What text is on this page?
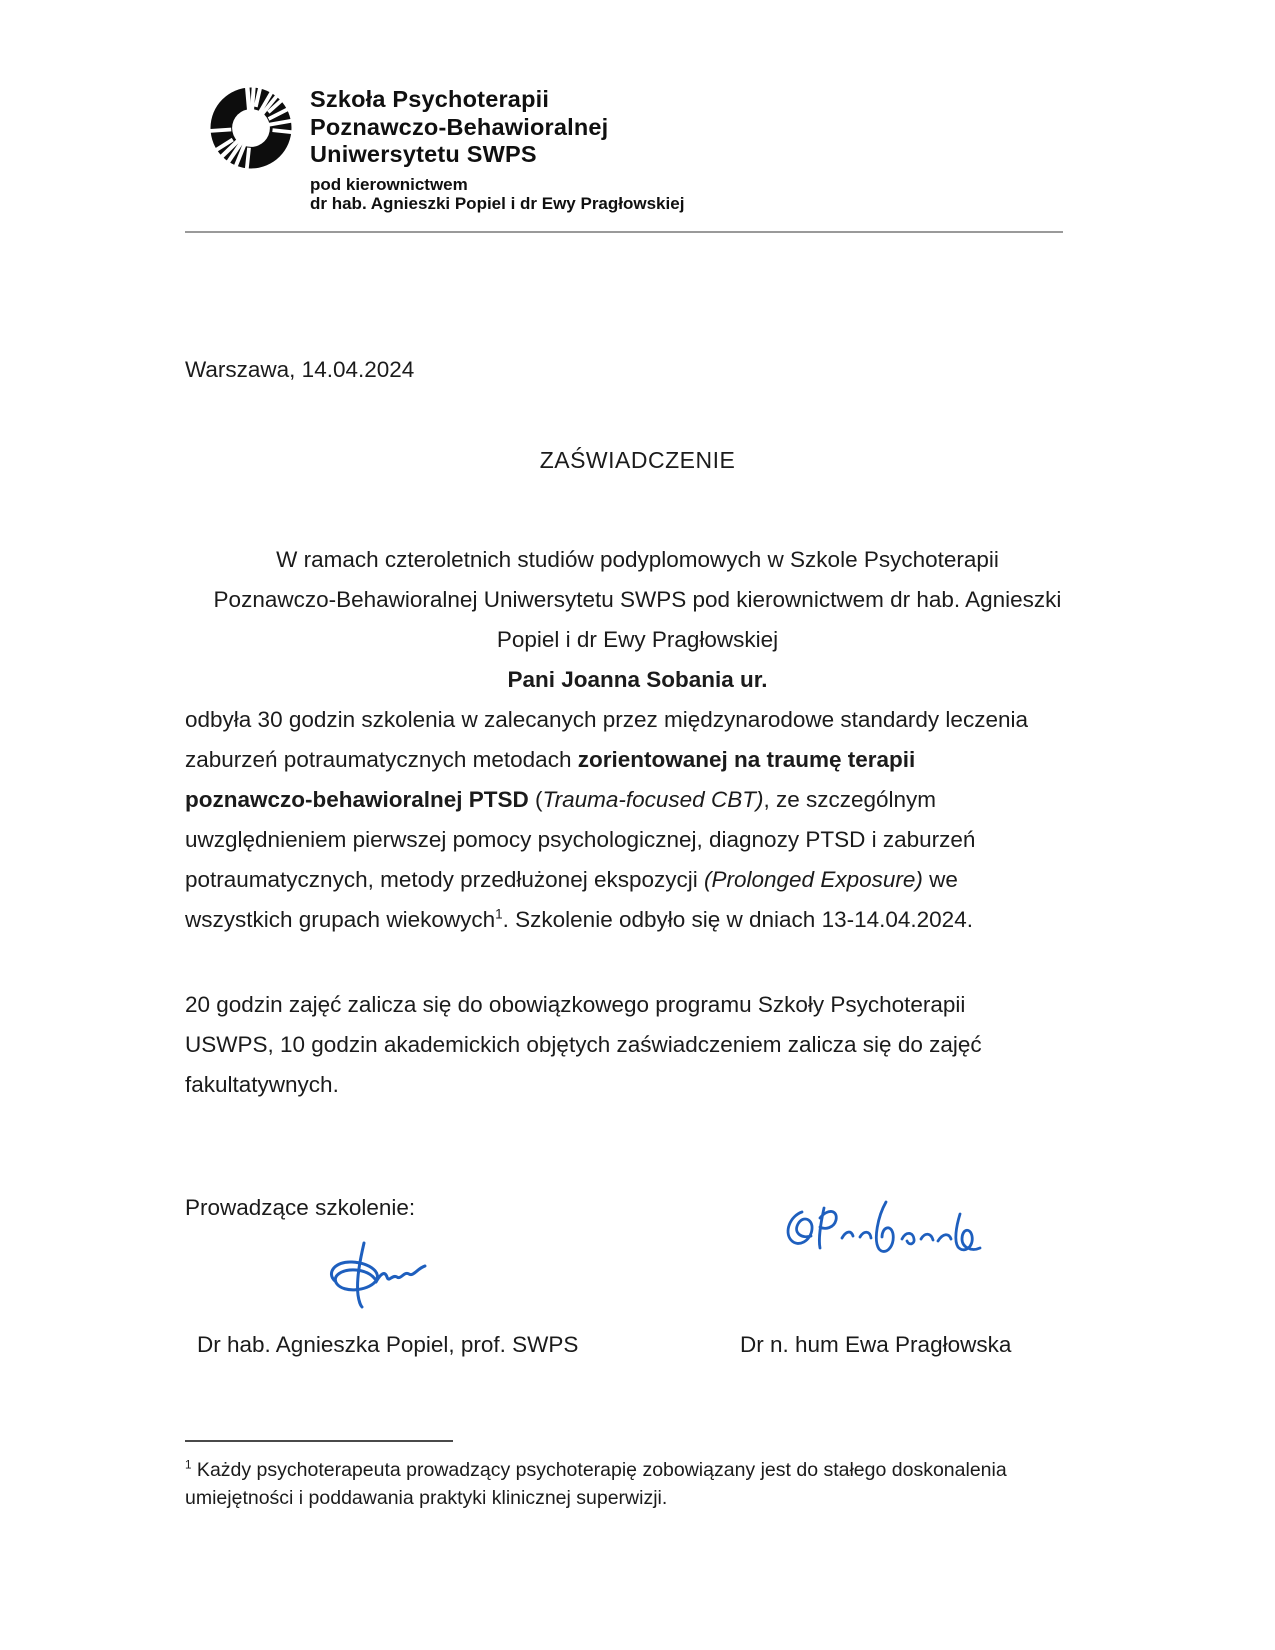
Szkoła Psychoterapii
Poznawczo-Behawioralnej
Uniwersytetu SWPS
pod kierownictwem
dr hab. Agnieszki Popiel i dr Ewy Pragłowskiej
Warszawa, 14.04.2024
ZAŚWIADCZENIE
W ramach czteroletnich studiów podyplomowych w Szkole Psychoterapii
Poznawczo-Behawioralnej Uniwersytetu SWPS pod kierownictwem dr hab. Agnieszki
Popiel i dr Ewy Pragłowskiej
Pani Joanna Sobania ur.
odbyła 30 godzin szkolenia w zalecanych przez międzynarodowe standardy leczenia
zaburzeń potraumatycznych metodach zorientowanej na traumę terapii
poznawczo-behawioralnej PTSD (Trauma-focused CBT), ze szczególnym
uwzględnieniem pierwszej pomocy psychologicznej, diagnozy PTSD i zaburzeń
potraumatycznych, metody przedłużonej ekspozycji (Prolonged Exposure) we
wszystkich grupach wiekowych$^1$. Szkolenie odbyło się w dniach 13-14.04.2024.
20 godzin zajęć zalicza się do obowiązkowego programu Szkoły Psychoterapii
USWPS, 10 godzin akademickich objętych zaświadczeniem zalicza się do zajęć
fakultatywnych.
Prowadzące szkolenie:
Dr hab. Agnieszka Popiel, prof. SWPS	Dr n. hum Ewa Pragłowska
$^1$ Każdy psychoterapeuta prowadzący psychoterapię zobowiązany jest do stałego doskonalenia
umiejętności i poddawania praktyki klinicznej superwizji.
